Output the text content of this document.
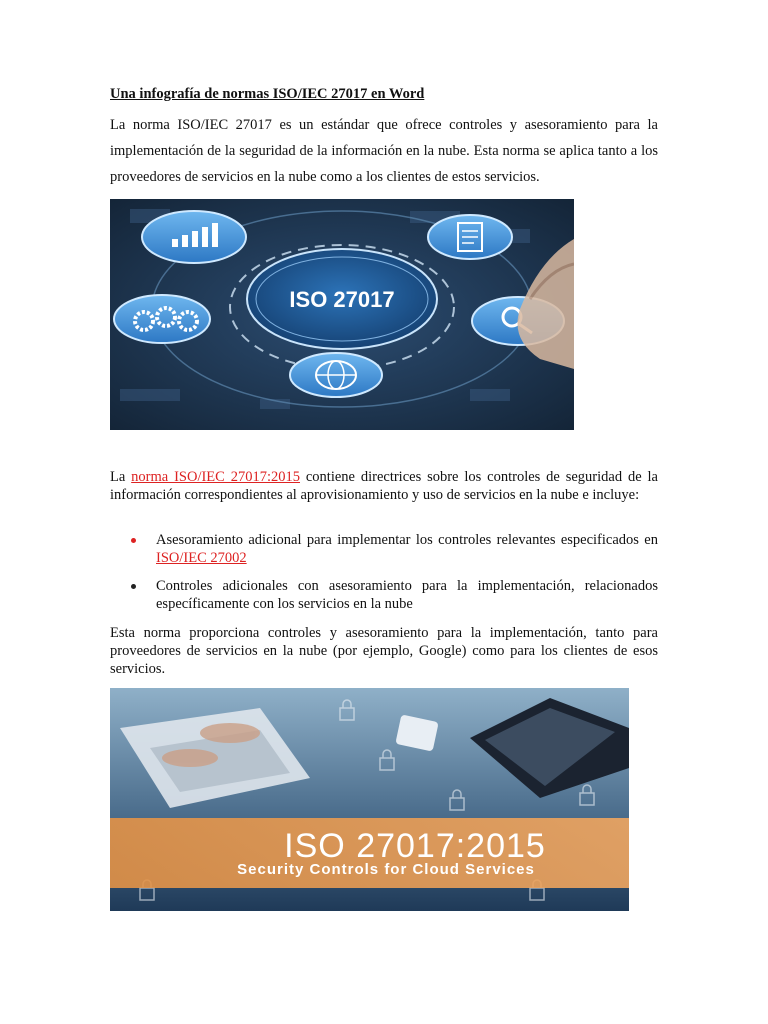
Una infografía de normas ISO/IEC 27017 en Word
La norma ISO/IEC 27017 es un estándar que ofrece controles y asesoramiento para la implementación de la seguridad de la información en la nube. Esta norma se aplica tanto a los proveedores de servicios en la nube como a los clientes de estos servicios.
ISO 27017
La norma ISO/IEC 27017:2015 contiene directrices sobre los controles de seguridad de la información correspondientes al aprovisionamiento y uso de servicios en la nube e incluye:
Asesoramiento adicional para implementar los controles relevantes especificados en ISO/IEC 27002
Controles adicionales con asesoramiento para la implementación, relacionados específicamente con los servicios en la nube
Esta norma proporciona controles y asesoramiento para la implementación, tanto para proveedores de servicios en la nube (por ejemplo, Google) como para los clientes de esos servicios.
ISO 27017:2015
Security Controls for Cloud Services
